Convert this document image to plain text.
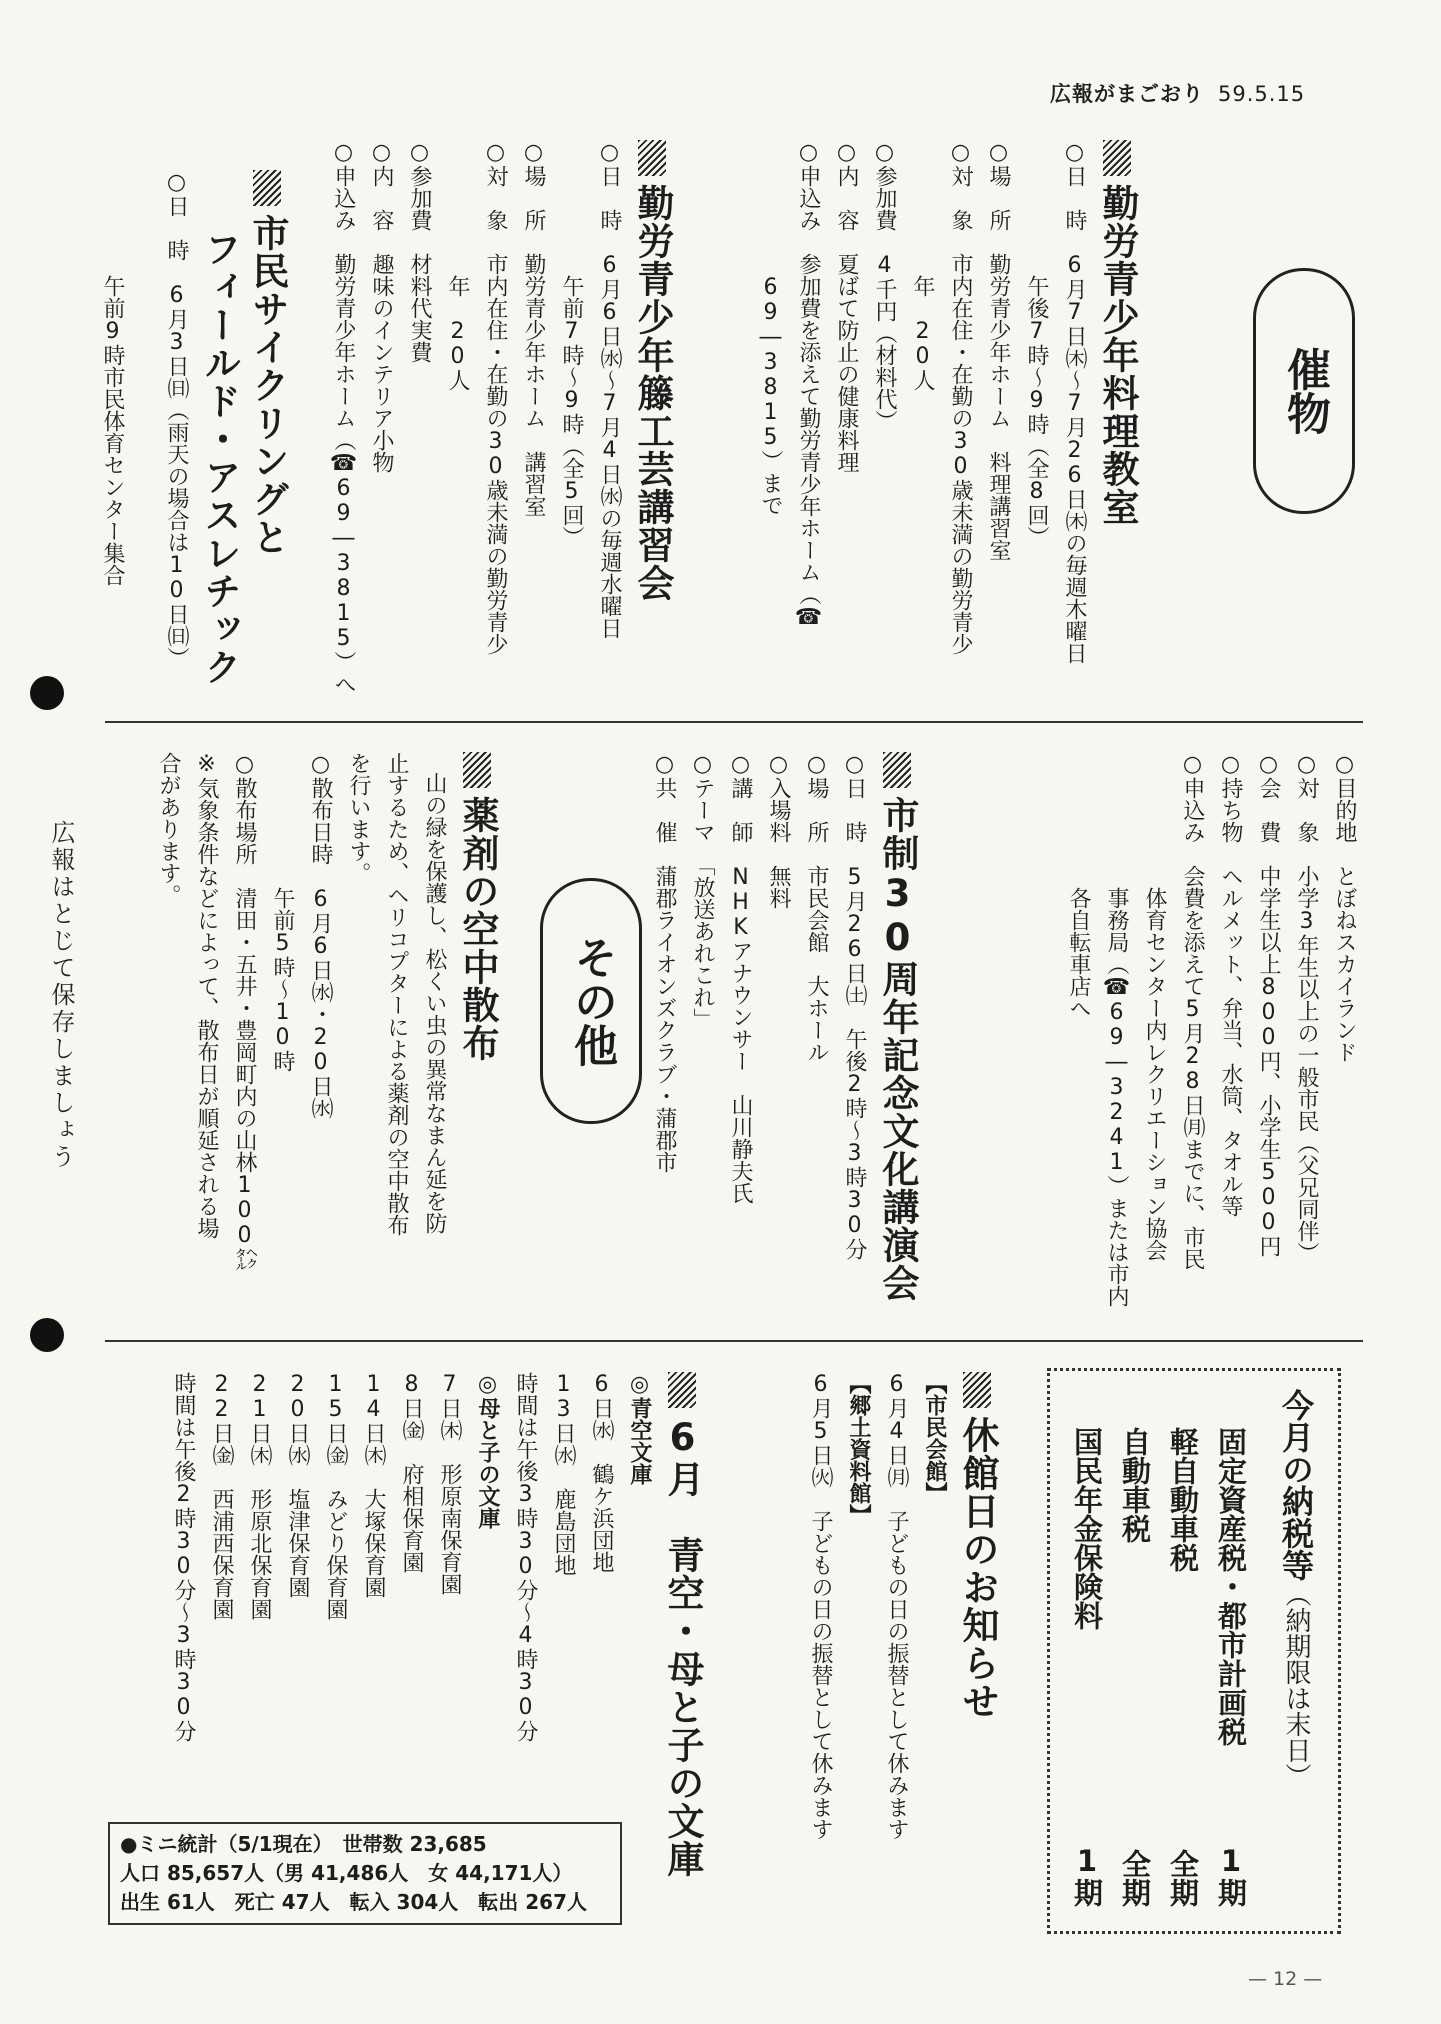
広報がまごおり 59.5.15
広報はとじて保存しましょう
催物
その他
勤労青少年料理教室
○日　時　6月7日㈭～7月26日㈭の毎週木曜日
午後7時～9時（全8回）
○場　所　勤労青少年ホーム　料理講習室
○対　象　市内在住・在勤の30歳未満の勤労青少
年　20人
○参加費　4千円（材料代）
○内　容　夏ばて防止の健康料理
○申込み　参加費を添えて勤労青少年ホーム（☎
69―3815）まで
勤労青少年籐工芸講習会
○日　時　6月6日㈬～7月4日㈬の毎週水曜日
午前7時～9時（全5回）
○場　所　勤労青少年ホーム　講習室
○対　象　市内在住・在勤の30歳未満の勤労青少
年　20人
○参加費　材料代実費
○内　容　趣味のインテリア小物
○申込み　勤労青少年ホーム（☎69―3815）へ
市民サイクリングと
フィールド・アスレチック
○日　時　6月3日㈰（雨天の場合は10日㈰）
午前9時市民体育センター集合
○目的地　とぼねスカイランド
○対　象　小学3年生以上の一般市民（父兄同伴）
○会　費　中学生以上800円、小学生500円
○持ち物　ヘルメット、弁当、水筒、タオル等
○申込み　会費を添えて5月28日㈪までに、市民
体育センター内レクリエーション協会
事務局（☎69―3241）または市内
各自転車店へ
市制30周年記念文化講演会
○日　時　5月26日㈯　午後2時～3時30分
○場　所　市民会館　大ホール
○入場料　無料
○講　師　NHKアナウンサー　山川静夫氏
○テーマ　「放送あれこれ」
○共　催　蒲郡ライオンズクラブ・蒲郡市
薬剤の空中散布
山の緑を保護し、松くい虫の異常なまん延を防
止するため、ヘリコプターによる薬剤の空中散布
を行います。
○散布日時　6月6日㈬・20日㈬
午前5時～10時
○散布場所　清田・五井・豊岡町内の山林100㌶
※気象条件などによって、散布日が順延される場
合があります。
今月の納税等（納期限は末日）
固定資産税・都市計画税
1期
軽自動車税
全期
自動車税
全期
国民年金保険料
1期
休館日のお知らせ
【市民会館】
6月4日㈪　子どもの日の振替として休みます
【郷土資料館】
6月5日㈫　子どもの日の振替として休みます
6月　青空・母と子の文庫
◎青空文庫
6日㈬　鶴ケ浜団地
13日㈬　鹿島団地
時間は午後3時30分～4時30分
◎母と子の文庫
7日㈭　形原南保育園
8日㈮　府相保育園
14日㈭　大塚保育園
15日㈮　みどり保育園
20日㈬　塩津保育園
21日㈭　形原北保育園
22日㈮　西浦西保育園
時間は午後2時30分～3時30分
●ミニ統計（5/1現在）　世帯数 23,685
人口 85,657人（男 41,486人　女 44,171人）
出生 61人　死亡 47人　転入 304人　転出 267人
— 12 —
